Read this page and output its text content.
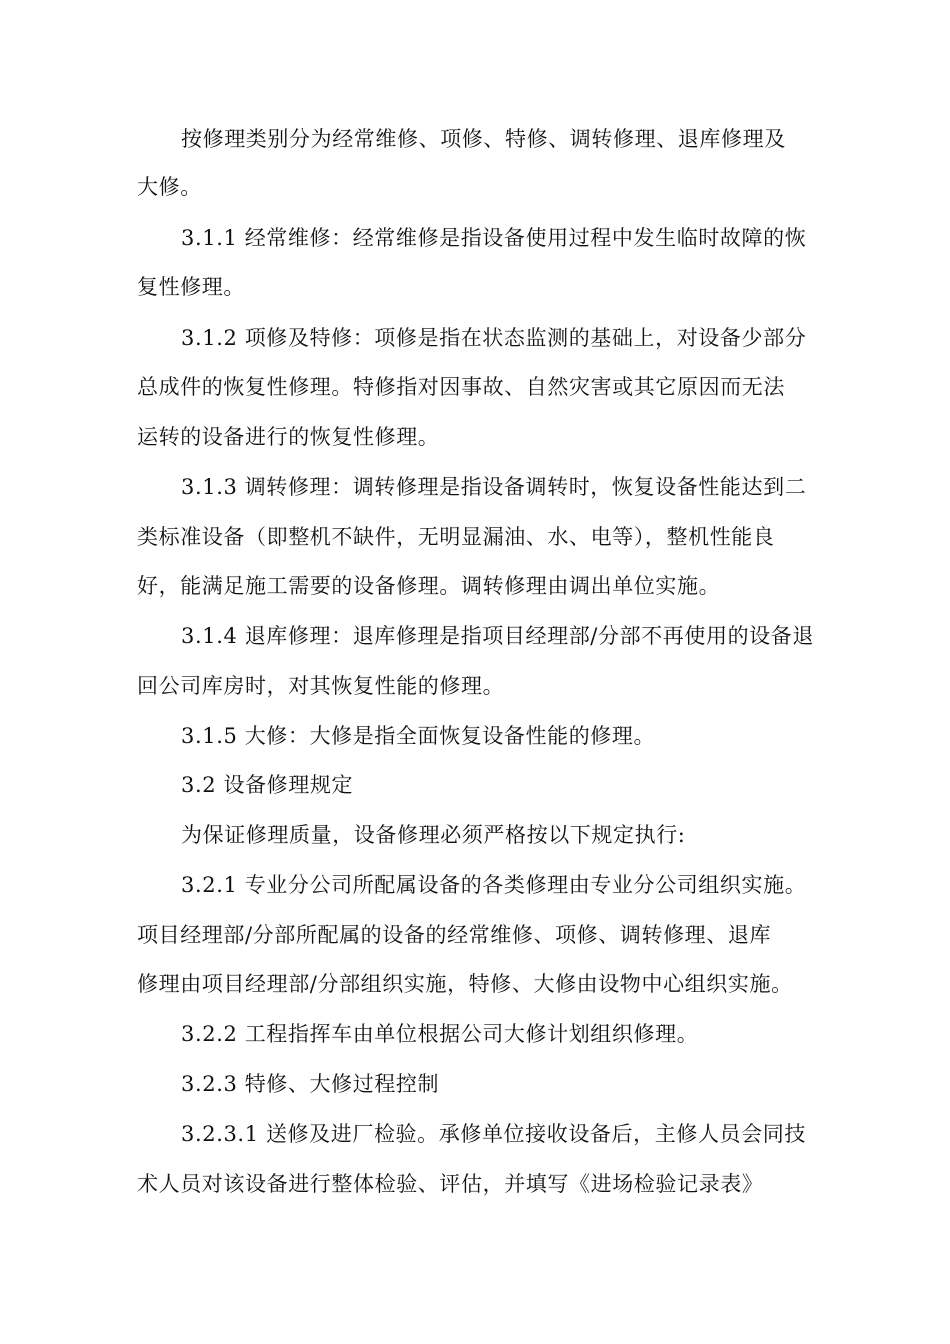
按修理类别分为经常维修、项修、特修、调转修理、退库修理及
大修。
3.1.1 经常维修：经常维修是指设备使用过程中发生临时故障的恢
复性修理。
3.1.2 项修及特修：项修是指在状态监测的基础上，对设备少部分
总成件的恢复性修理。特修指对因事故、自然灾害或其它原因而无法
运转的设备进行的恢复性修理。
3.1.3 调转修理：调转修理是指设备调转时，恢复设备性能达到二
类标准设备（即整机不缺件，无明显漏油、水、电等），整机性能良
好，能满足施工需要的设备修理。调转修理由调出单位实施。
3.1.4 退库修理：退库修理是指项目经理部/分部不再使用的设备退
回公司库房时，对其恢复性能的修理。
3.1.5 大修：大修是指全面恢复设备性能的修理。
3.2 设备修理规定
为保证修理质量，设备修理必须严格按以下规定执行:
3.2.1 专业分公司所配属设备的各类修理由专业分公司组织实施。
项目经理部/分部所配属的设备的经常维修、项修、调转修理、退库
修理由项目经理部/分部组织实施，特修、大修由设物中心组织实施。
3.2.2 工程指挥车由单位根据公司大修计划组织修理。
3.2.3 特修、大修过程控制
3.2.3.1 送修及进厂检验。承修单位接收设备后，主修人员会同技
术人员对该设备进行整体检验、评估，并填写《进场检验记录表》
